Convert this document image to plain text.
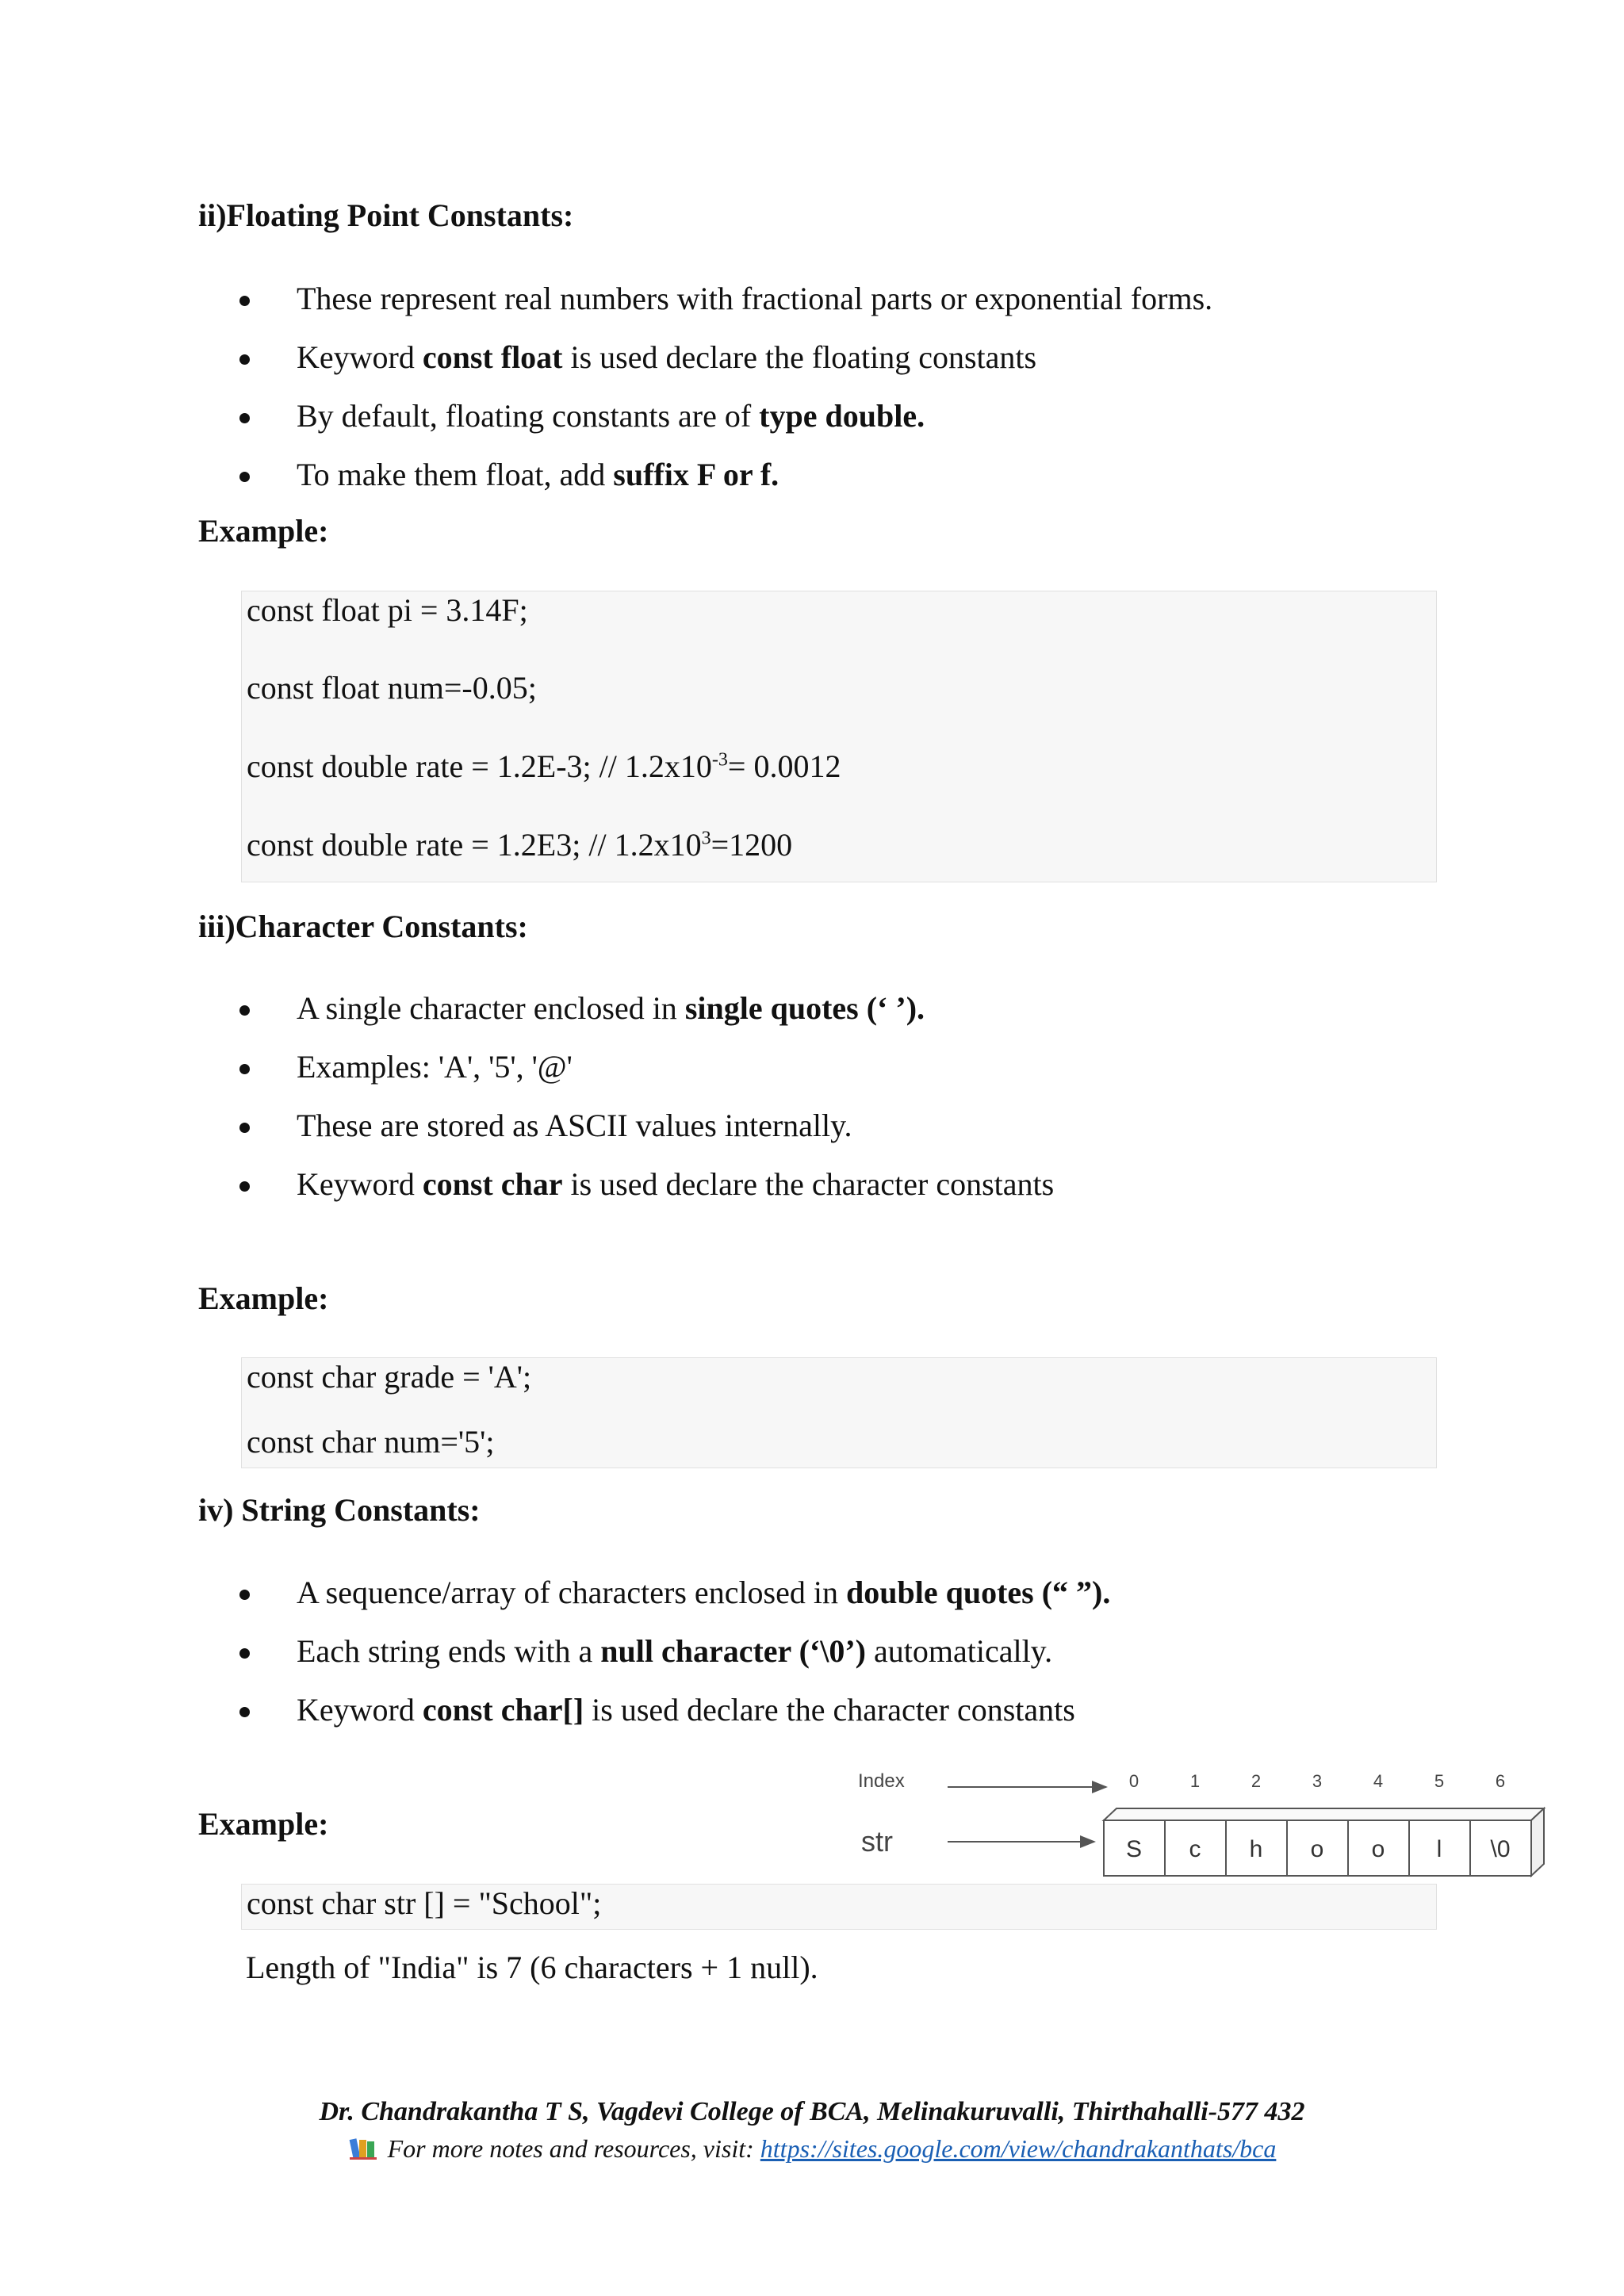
ii)Floating Point Constants:
These represent real numbers with fractional parts or exponential forms.
Keyword const float is used declare the floating constants
By default, floating constants are of type double.
To make them float, add suffix F or f.
Example:
const float pi = 3.14F;
const float num=-0.05;
const double rate = 1.2E-3; // $1.2x10^{-3}= 0.0012$
const double rate = 1.2E3; // $1.2x10^3=1200$
iii)Character Constants:
A single character enclosed in single quotes (‘ ’).
Examples: 'A', '5', '@'
These are stored as ASCII values internally.
Keyword const char is used declare the character constants
Example:
const char grade = 'A';
const char num='5';
iv) String Constants:
A sequence/array of characters enclosed in double quotes (“ ”).
Each string ends with a null character (‘\0’) automatically.
Keyword const char[] is used declare the character constants
Example:
Index
str
0	1	2	3	4	5	6
S c h o o l \0
const char str [] = "School";
Length of "India" is 7 (6 characters + 1 null).
Dr. Chandrakantha T S, Vagdevi College of BCA, Melinakuruvalli, Thirthahalli-577 432
For more notes and resources, visit: https://sites.google.com/view/chandrakanthats/bca
